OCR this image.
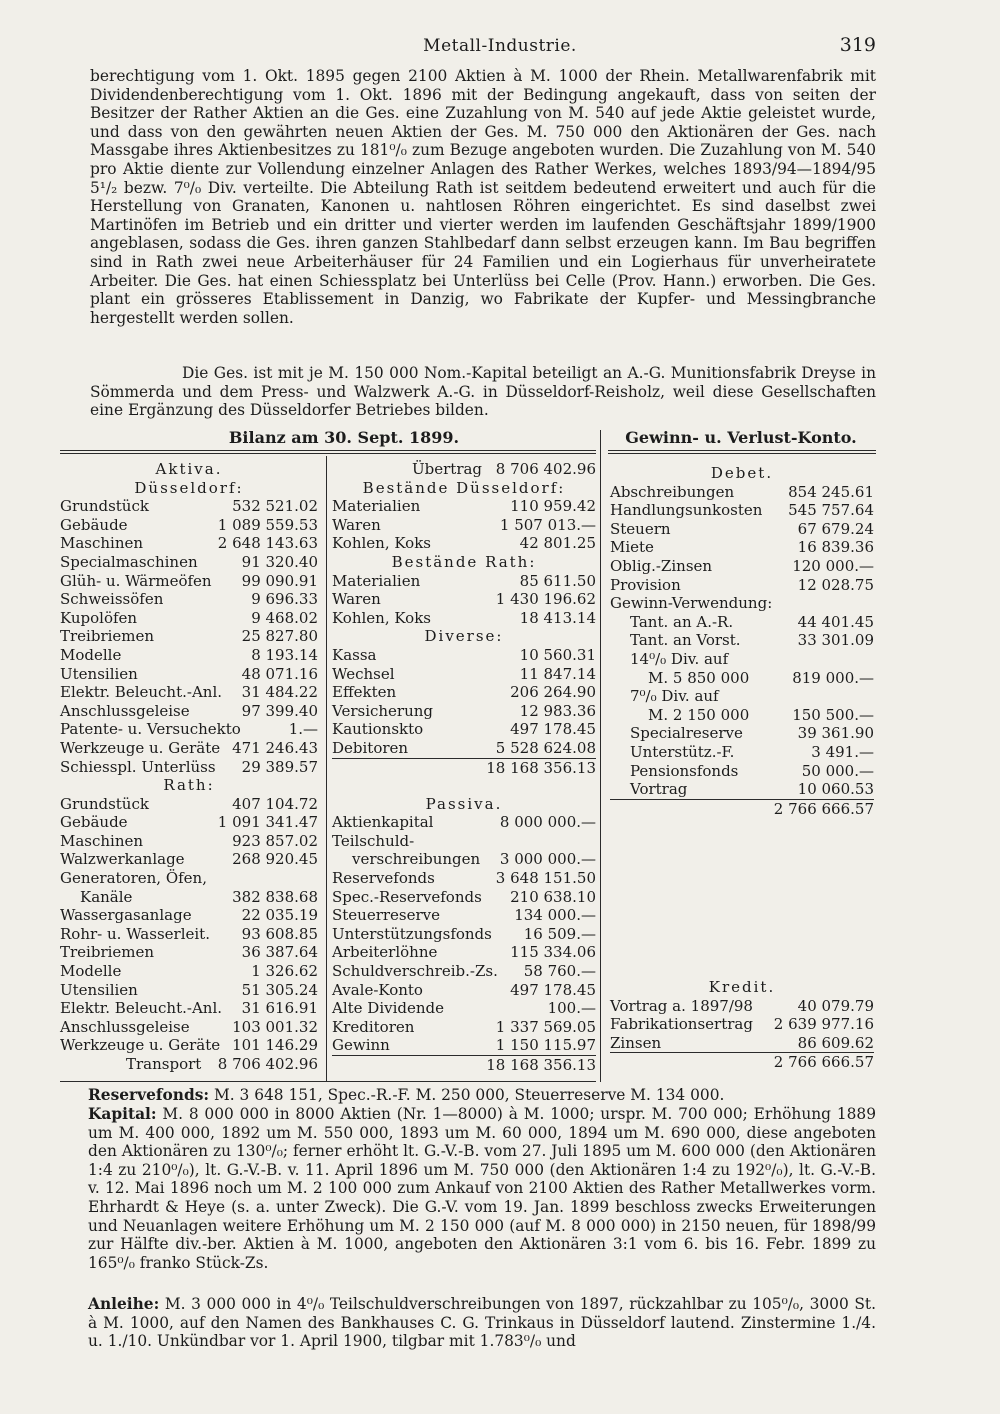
Metall-Industrie.	319

berechtigung vom 1. Okt. 1895 gegen 2100 Aktien à M. 1000 der Rhein. Metallwarenfabrik mit Dividendenberechtigung vom 1. Okt. 1896 mit der Bedingung angekauft, dass von seiten der Besitzer der Rather Aktien an die Ges. eine Zuzahlung von M. 540 auf jede Aktie geleistet wurde, und dass von den gewährten neuen Aktien der Ges. M. 750 000 den Aktionären der Ges. nach Massgabe ihres Aktienbesitzes zu 181⁰/₀ zum Bezuge angeboten wurden. Die Zuzahlung von M. 540 pro Aktie diente zur Vollendung einzelner Anlagen des Rather Werkes, welches 1893/94—1894/95 5¹/₂ bezw. 7⁰/₀ Div. verteilte. Die Abteilung Rath ist seitdem bedeutend erweitert und auch für die Herstellung von Granaten, Kanonen u. nahtlosen Röhren eingerichtet. Es sind daselbst zwei Martinöfen im Betrieb und ein dritter und vierter werden im laufenden Geschäftsjahr 1899/1900 angeblasen, sodass die Ges. ihren ganzen Stahlbedarf dann selbst erzeugen kann. Im Bau begriffen sind in Rath zwei neue Arbeiterhäuser für 24 Familien und ein Logierhaus für unverheiratete Arbeiter. Die Ges. hat einen Schiessplatz bei Unterlüss bei Celle (Prov. Hann.) erworben. Die Ges. plant ein grösseres Etablissement in Danzig, wo Fabrikate der Kupfer- und Messingbranche hergestellt werden sollen.

Die Ges. ist mit je M. 150 000 Nom.-Kapital beteiligt an A.-G. Munitionsfabrik Dreyse in Sömmerda und dem Press- und Walzwerk A.-G. in Düsseldorf-Reisholz, weil diese Gesellschaften eine Ergänzung des Düsseldorfer Betriebes bilden.

Bilanz am 30. Sept. 1899.	Gewinn- u. Verlust-Konto.
Aktiva.
Düsseldorf:
Grundstück	532 521.02
Gebäude	1 089 559.53
Maschinen	2 648 143.63
Specialmaschinen	91 320.40
Glüh- u. Wärmeöfen 99 090.91
Schweissöfen	9 696.33
Kupolöfen	9 468.02
Treibriemen	25 827.80
Modelle	8 193.14
Utensilien	48 071.16
Elektr. Beleucht.-Anl. 31 484.22
Anschlussgeleise	97 399.40
Patente- u. Versuchekto	1.—
Werkzeuge u. Geräte 471 246.43
Schiesspl. Unterlüss 29 389.57
Rath:
Grundstück	407 104.72
Gebäude	1 091 341.47
Maschinen	923 857.02
Walzwerkanlage	268 920.45
Generatoren, Öfen,
Kanäle	382 838.68
Wassergasanlage	22 035.19
Rohr- u. Wasserleit. 93 608.85
Treibriemen	36 387.64
Modelle	1 326.62
Utensilien	51 305.24
Elektr. Beleucht.-Anl. 31 616.91
Anschlussgeleise	103 001.32
Werkzeuge u. Geräte 101 146.29
Transport 8 706 402.96
Übertrag 8 706 402.96
Bestände Düsseldorf:
Materialien	110 959.42
Waren	1 507 013.—
Kohlen, Koks	42 801.25
Bestände Rath:
Materialien	85 611.50
Waren	1 430 196.62
Kohlen, Koks	18 413.14
Diverse:
Kassa	10 560.31
Wechsel	11 847.14
Effekten	206 264.90
Versicherung	12 983.36
Kautionskto	497 178.45
Debitoren	5 528 624.08
18 168 356.13
Passiva.
Aktienkapital	8 000 000.—
Teilschuld-
verschreibungen 3 000 000.—
Reservefonds	3 648 151.50
Spec.-Reservefonds 210 638.10
Steuerreserve	134 000.—
Unterstützungsfonds 16 509.—
Arbeiterlöhne	115 334.06
Schuldverschreib.-Zs. 58 760.—
Avale-Konto	497 178.45
Alte Dividende	100.—
Kreditoren	1 337 569.05
Gewinn	1 150 115.97
18 168 356.13
Debet.
Abschreibungen	854 245.61
Handlungsunkosten 545 757.64
Steuern	67 679.24
Miete	16 839.36
Oblig.-Zinsen	120 000.—
Provision	12 028.75
Gewinn-Verwendung:
Tant. an A.-R.	44 401.45
Tant. an Vorst.	33 301.09
14⁰/₀ Div. auf
M. 5 850 000	819 000.—
7⁰/₀ Div. auf
M. 2 150 000	150 500.—
Specialreserve	39 361.90
Unterstütz.-F.	3 491.—
Pensionsfonds	50 000.—
Vortrag	10 060.53
2 766 666.57
Kredit.
Vortrag a. 1897/98	40 079.79
Fabrikationsertrag 2 639 977.16
Zinsen	86 609.62
2 766 666.57

Reservefonds: M. 3 648 151, Spec.-R.-F. M. 250 000, Steuerreserve M. 134 000.

Kapital: M. 8 000 000 in 8000 Aktien (Nr. 1—8000) à M. 1000; urspr. M. 700 000; Erhöhung 1889 um M. 400 000, 1892 um M. 550 000, 1893 um M. 60 000, 1894 um M. 690 000, diese angeboten den Aktionären zu 130⁰/₀; ferner erhöht lt. G.-V.-B. vom 27. Juli 1895 um M. 600 000 (den Aktionären 1:4 zu 210⁰/₀), lt. G.-V.-B. v. 11. April 1896 um M. 750 000 (den Aktionären 1:4 zu 192⁰/₀), lt. G.-V.-B. v. 12. Mai 1896 noch um M. 2 100 000 zum Ankauf von 2100 Aktien des Rather Metallwerkes vorm. Ehrhardt & Heye (s. a. unter Zweck). Die G.-V. vom 19. Jan. 1899 beschloss zwecks Erweiterungen und Neuanlagen weitere Erhöhung um M. 2 150 000 (auf M. 8 000 000) in 2150 neuen, für 1898/99 zur Hälfte div.-ber. Aktien à M. 1000, angeboten den Aktionären 3:1 vom 6. bis 16. Febr. 1899 zu 165⁰/₀ franko Stück-Zs.

Anleihe: M. 3 000 000 in 4⁰/₀ Teilschuldverschreibungen von 1897, rückzahlbar zu 105⁰/₀, 3000 St. à M. 1000, auf den Namen des Bankhauses C. G. Trinkaus in Düsseldorf lautend. Zinstermine 1./4. u. 1./10. Unkündbar vor 1. April 1900, tilgbar mit 1.783⁰/₀ und
